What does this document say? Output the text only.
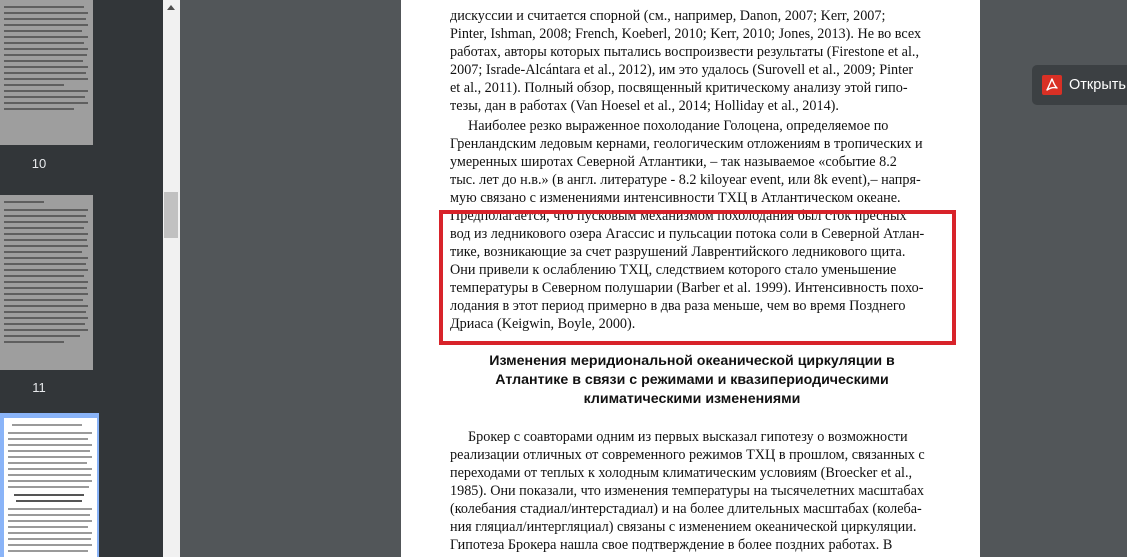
10
11
дискуссии и считается спорной (см., например, Danon, 2007; Kerr, 2007;
Pinter, Ishman, 2008; French, Koeberl, 2010; Kerr, 2010; Jones, 2013). Не во всех
работах, авторы которых пытались воспроизвести результаты (Firestone et al.,
2007; Israde-Alcántara et al., 2012), им это удалось (Surovell et al., 2009; Pinter
et al., 2011). Полный обзор, посвященный критическому анализу этой гипо-
тезы, дан в работах (Van Hoesel et al., 2014; Holliday et al., 2014).
Наиболее резко выраженное похолодание Голоцена, определяемое по
Гренландским ледовым кернами, геологическим отложениям в тропических и
умеренных широтах Северной Атлантики, – так называемое «событие 8.2
тыс. лет до н.в.» (в англ. литературе - 8.2 kiloyear event, или 8k event),– напря-
мую связано с изменениями интенсивности ТХЦ в Атлантическом океане.
Предполагается, что пусковым механизмом похолодания был сток пресных
вод из ледникового озера Агассис и пульсации потока соли в Северной Атлан-
тике, возникающие за счет разрушений Лаврентийского ледникового щита.
Они привели к ослаблению ТХЦ, следствием которого стало уменьшение
температуры в Северном полушарии (Barber et al. 1999). Интенсивность похо-
лодания в этот период примерно в два раза меньше, чем во время Позднего
Дриаса (Keigwin, Boyle, 2000).
Изменения меридиональной океанической циркуляции в
Атлантике в связи с режимами и квазипериодическими
климатическими изменениями
Брокер с соавторами одним из первых высказал гипотезу о возможности
реализации отличных от современного режимов ТХЦ в прошлом, связанных с
переходами от теплых к холодным климатическим условиям (Broecker et al.,
1985). Они показали, что изменения температуры на тысячелетних масштабах
(колебания стадиал/интерстадиал) и на более длительных масштабах (колеба-
ния гляциал/интергляциал) связаны с изменением океанической циркуляции.
Гипотеза Брокера нашла свое подтверждение в более поздних работах. В
Открыть
